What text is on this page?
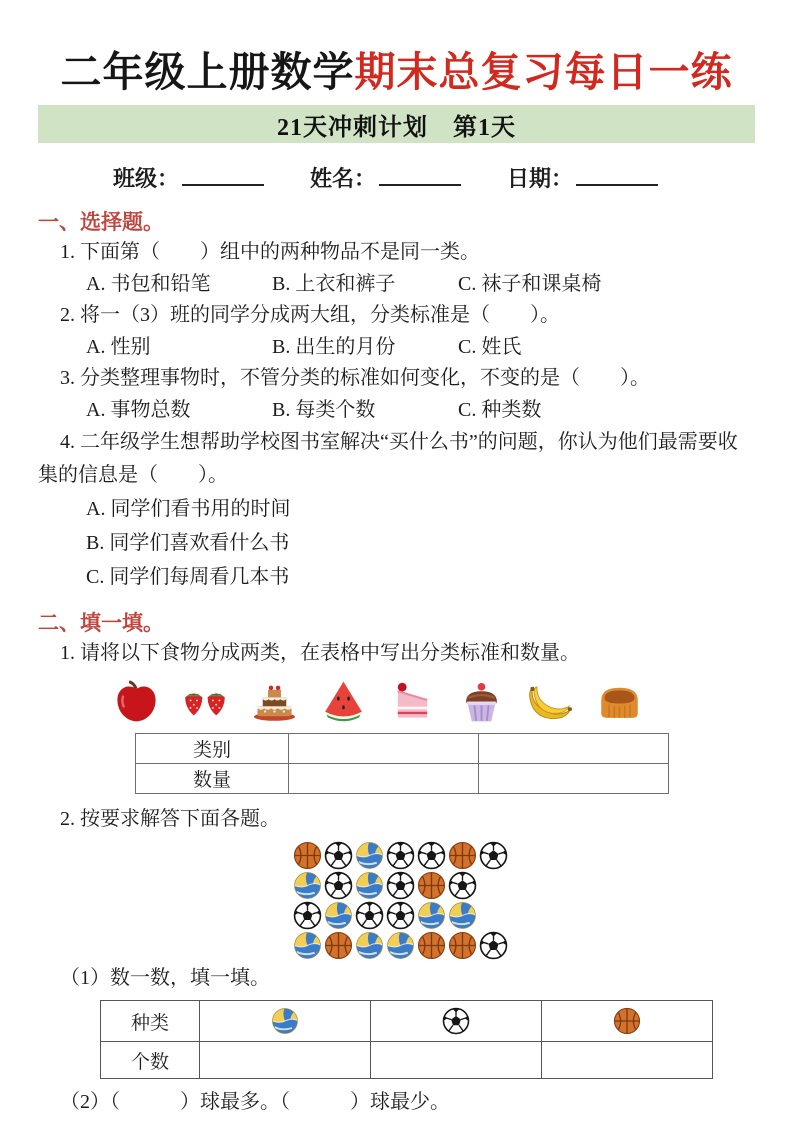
二年级上册数学期末总复习每日一练
21天冲刺计划　第1天
班级：	姓名：	日期：
一、选择题。

1. 下面第（　　）组中的两种物品不是同一类。

A. 书包和铅笔	B. 上衣和裤子	C. 袜子和课桌椅

2. 将一（3）班的同学分成两大组，分类标准是（　　）。

A. 性别	B. 出生的月份	C. 姓氏

3. 分类整理事物时，不管分类的标准如何变化，不变的是（　　）。

A. 事物总数	B. 每类个数	C. 种类数

4. 二年级学生想帮助学校图书室解决“买什么书”的问题，你认为他们最需要收集的信息是（　　）。

A. 同学们看书用的时间
B. 同学们喜欢看什么书
C. 同学们每周看几本书
二、填一填。

1. 请将以下食物分成两类，在表格中写出分类标准和数量。

类别		
数量		

2. 按要求解答下面各题。

（1）数一数，填一填。

种类			
个数			

（2）（　　　）球最多。（　　　）球最少。
